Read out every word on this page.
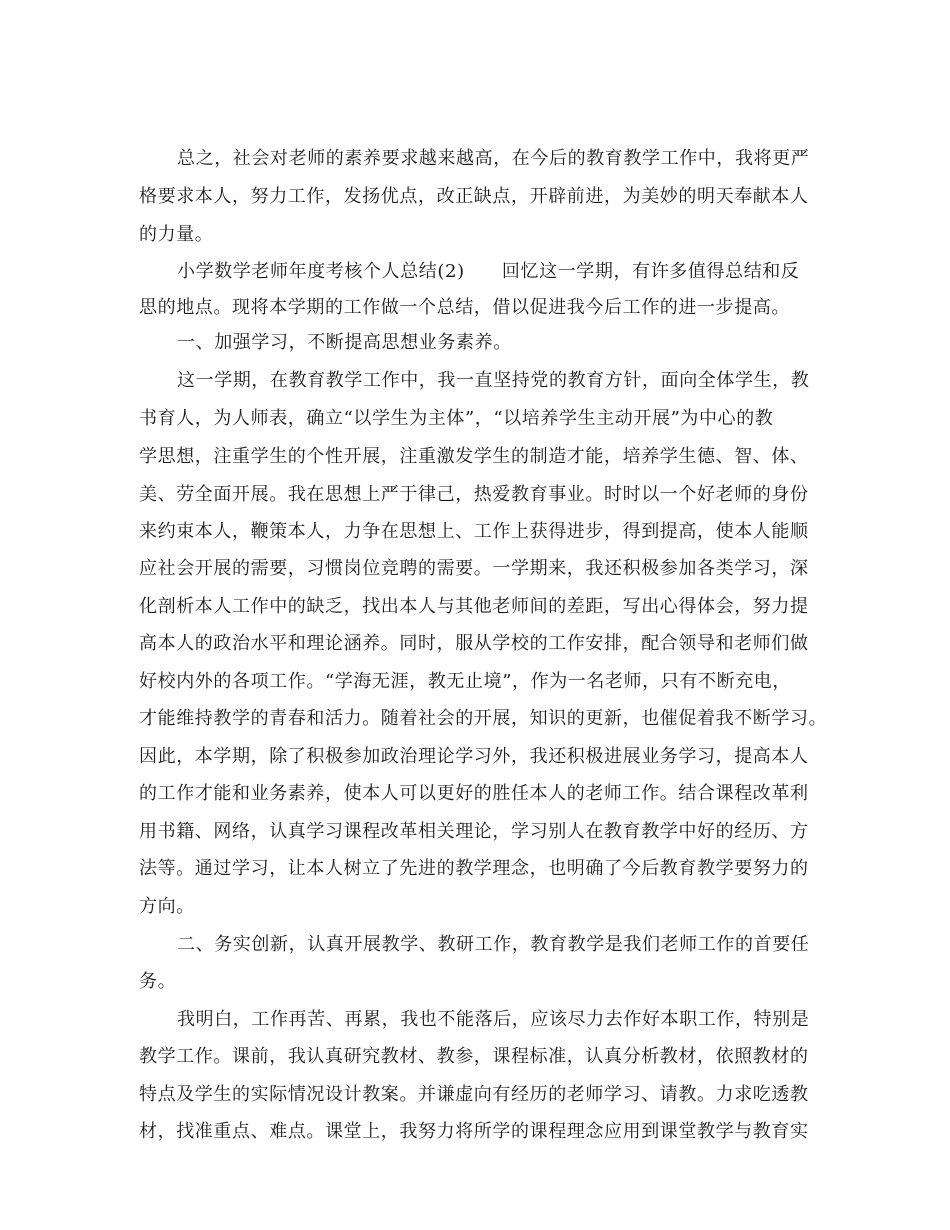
总之，社会对老师的素养要求越来越高，在今后的教育教学工作中，我将更严
格要求本人，努力工作，发扬优点，改正缺点，开辟前进，为美妙的明天奉献本人
的力量。
小学数学老师年度考核个人总结(2)　　回忆这一学期，有许多值得总结和反
思的地点。现将本学期的工作做一个总结，借以促进我今后工作的进一步提高。
一、加强学习，不断提高思想业务素养。
这一学期，在教育教学工作中，我一直坚持党的教育方针，面向全体学生，教
书育人，为人师表，确立“以学生为主体”，“以培养学生主动开展”为中心的教
学思想，注重学生的个性开展，注重激发学生的制造才能，培养学生德、智、体、
美、劳全面开展。我在思想上严于律己，热爱教育事业。时时以一个好老师的身份
来约束本人，鞭策本人，力争在思想上、工作上获得进步，得到提高，使本人能顺
应社会开展的需要，习惯岗位竞聘的需要。一学期来，我还积极参加各类学习，深
化剖析本人工作中的缺乏，找出本人与其他老师间的差距，写出心得体会，努力提
高本人的政治水平和理论涵养。同时，服从学校的工作安排，配合领导和老师们做
好校内外的各项工作。“学海无涯，教无止境”，作为一名老师，只有不断充电，
才能维持教学的青春和活力。随着社会的开展，知识的更新，也催促着我不断学习。
因此，本学期，除了积极参加政治理论学习外，我还积极进展业务学习，提高本人
的工作才能和业务素养，使本人可以更好的胜任本人的老师工作。结合课程改革利
用书籍、网络，认真学习课程改革相关理论，学习别人在教育教学中好的经历、方
法等。通过学习，让本人树立了先进的教学理念，也明确了今后教育教学要努力的
方向。
二、务实创新，认真开展教学、教研工作，教育教学是我们老师工作的首要任
务。
我明白，工作再苦、再累，我也不能落后，应该尽力去作好本职工作，特别是
教学工作。课前，我认真研究教材、教参，课程标准，认真分析教材，依照教材的
特点及学生的实际情况设计教案。并谦虚向有经历的老师学习、请教。力求吃透教
材，找准重点、难点。课堂上，我努力将所学的课程理念应用到课堂教学与教育实
